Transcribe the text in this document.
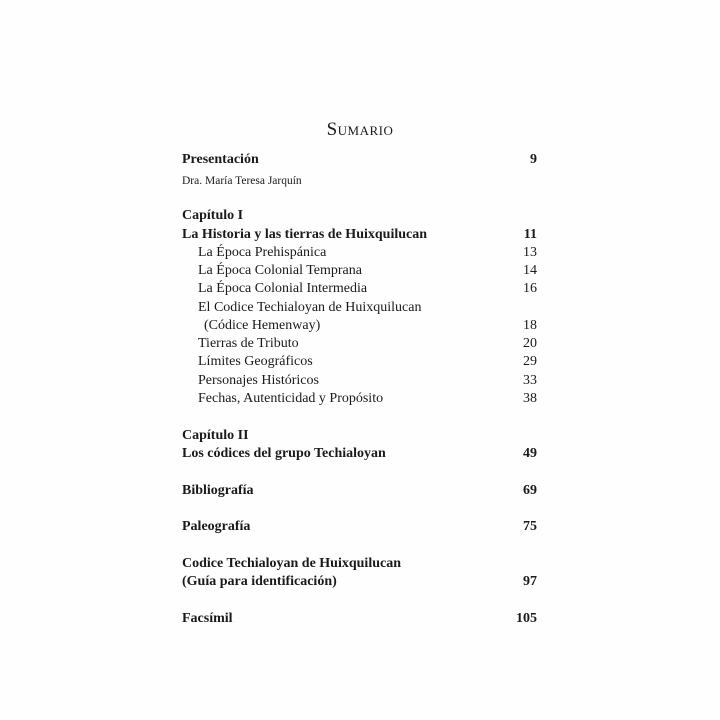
Sumario
Presentación	9
Dra. María Teresa Jarquín
Capítulo I
La Historia y las tierras de Huixquilucan	11
La Época Prehispánica	13
La Época Colonial Temprana	14
La Época Colonial Intermedia	16
El Codice Techialoyan de Huixquilucan
(Códice Hemenway)	18
Tierras de Tributo	20
Límites Geográficos	29
Personajes Históricos	33
Fechas, Autenticidad y Propósito	38
Capítulo II
Los códices del grupo Techialoyan	49
Bibliografía	69
Paleografía	75
Codice Techialoyan de Huixquilucan
(Guía para identificación)	97
Facsímil	105
